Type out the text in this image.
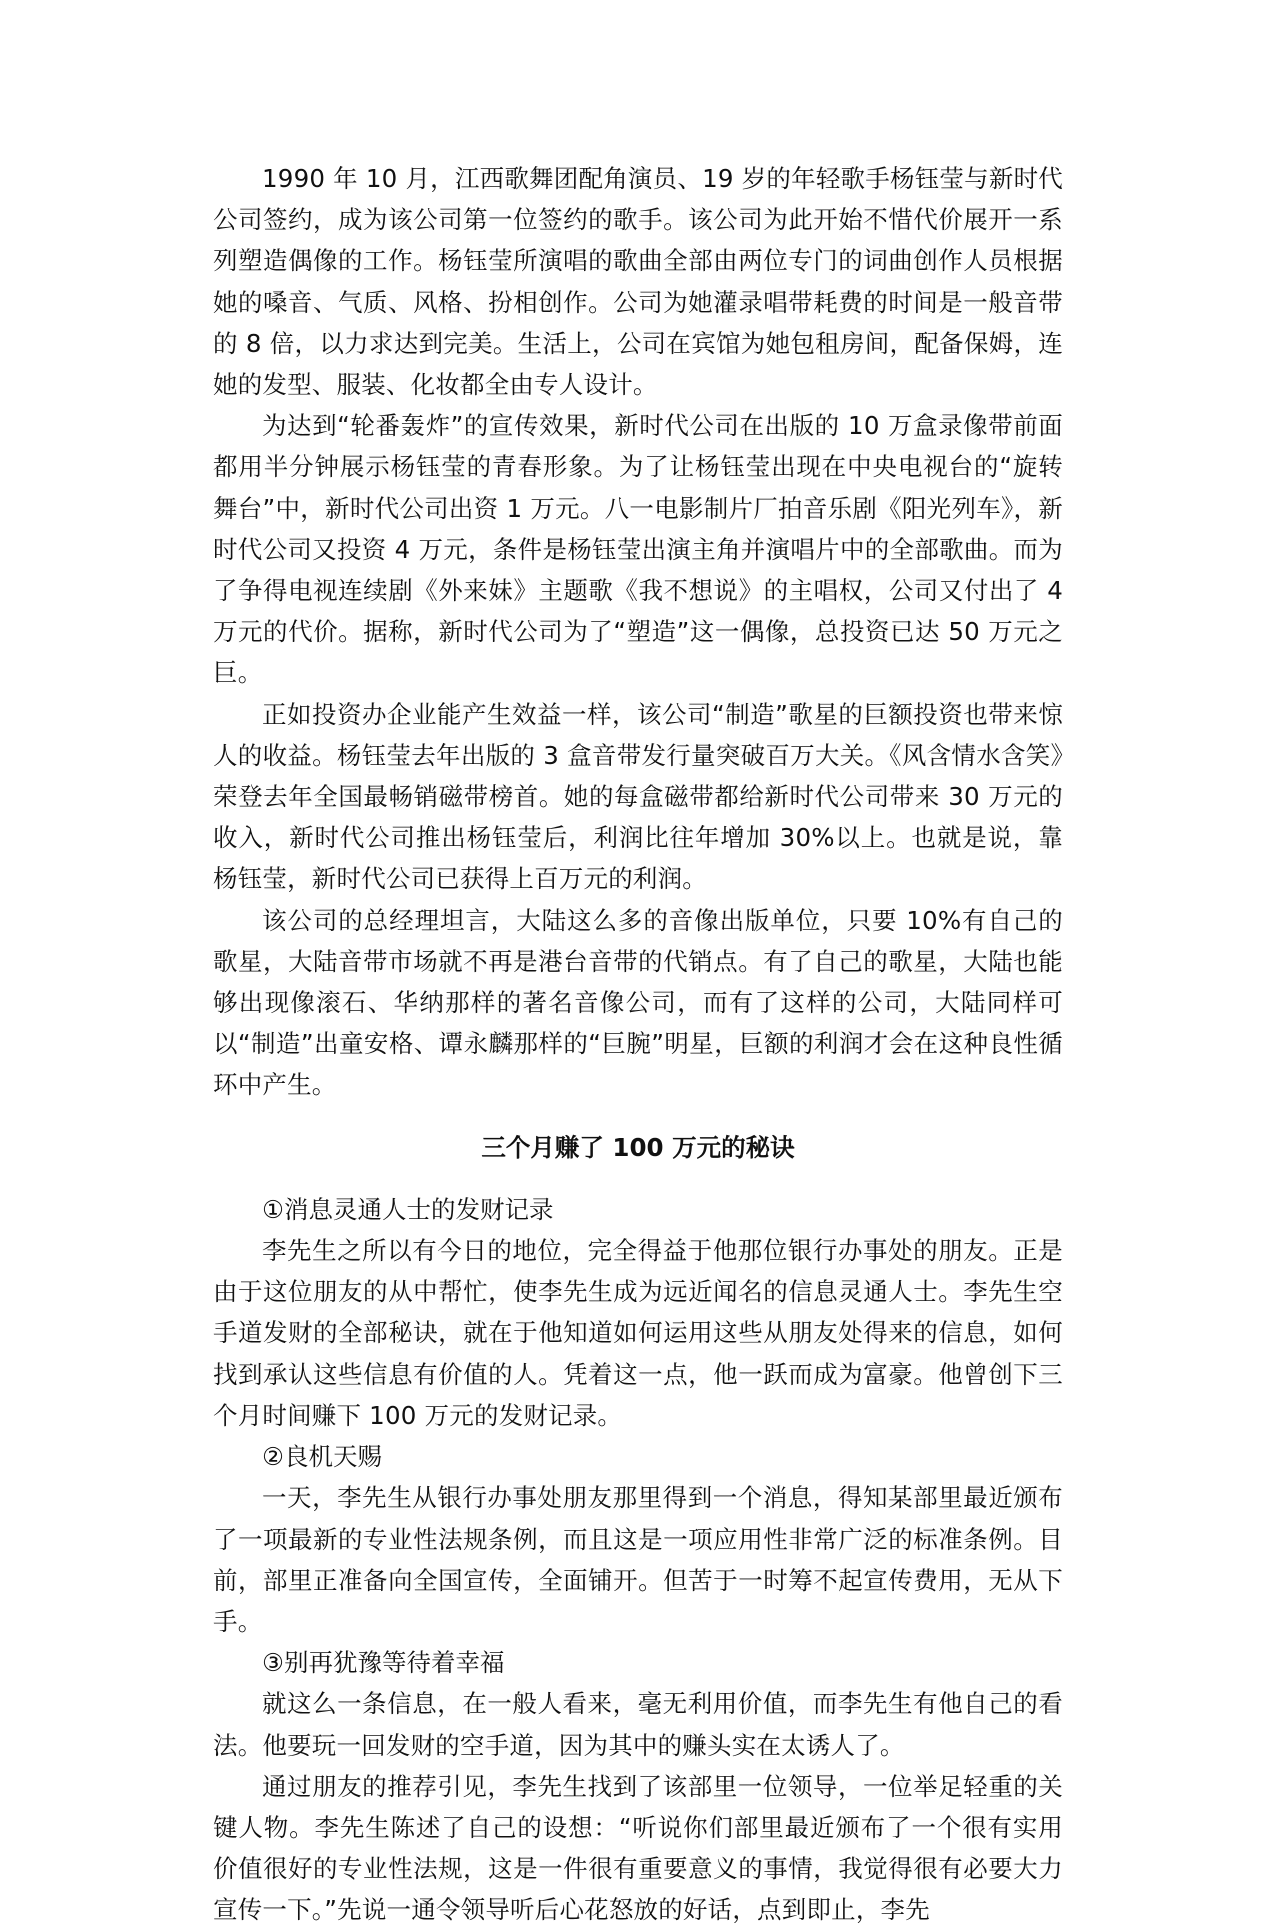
1990 年 10 月，江西歌舞团配角演员、19 岁的年轻歌手杨钰莹与新时代公司签约，成为该公司第一位签约的歌手。该公司为此开始不惜代价展开一系列塑造偶像的工作。杨钰莹所演唱的歌曲全部由两位专门的词曲创作人员根据她的嗓音、气质、风格、扮相创作。公司为她灌录唱带耗费的时间是一般音带的 8 倍，以力求达到完美。生活上，公司在宾馆为她包租房间，配备保姆，连她的发型、服装、化妆都全由专人设计。

为达到“轮番轰炸”的宣传效果，新时代公司在出版的 10 万盒录像带前面都用半分钟展示杨钰莹的青春形象。为了让杨钰莹出现在中央电视台的“旋转舞台”中，新时代公司出资 1 万元。八一电影制片厂拍音乐剧《阳光列车》，新时代公司又投资 4 万元，条件是杨钰莹出演主角并演唱片中的全部歌曲。而为了争得电视连续剧《外来妹》主题歌《我不想说》的主唱权，公司又付出了 4 万元的代价。据称，新时代公司为了“塑造”这一偶像，总投资已达 50 万元之巨。

正如投资办企业能产生效益一样，该公司“制造”歌星的巨额投资也带来惊人的收益。杨钰莹去年出版的 3 盒音带发行量突破百万大关。《风含情水含笑》荣登去年全国最畅销磁带榜首。她的每盒磁带都给新时代公司带来 30 万元的收入，新时代公司推出杨钰莹后，利润比往年增加 30%以上。也就是说，靠杨钰莹，新时代公司已获得上百万元的利润。

该公司的总经理坦言，大陆这么多的音像出版单位，只要 10%有自己的歌星，大陆音带市场就不再是港台音带的代销点。有了自己的歌星，大陆也能够出现像滚石、华纳那样的著名音像公司，而有了这样的公司，大陆同样可以“制造”出童安格、谭永麟那样的“巨腕”明星，巨额的利润才会在这种良性循环中产生。

三个月赚了 100 万元的秘诀

①消息灵通人士的发财记录

李先生之所以有今日的地位，完全得益于他那位银行办事处的朋友。正是由于这位朋友的从中帮忙，使李先生成为远近闻名的信息灵通人士。李先生空手道发财的全部秘诀，就在于他知道如何运用这些从朋友处得来的信息，如何找到承认这些信息有价值的人。凭着这一点，他一跃而成为富豪。他曾创下三个月时间赚下 100 万元的发财记录。

②良机天赐

一天，李先生从银行办事处朋友那里得到一个消息，得知某部里最近颁布了一项最新的专业性法规条例，而且这是一项应用性非常广泛的标准条例。目前，部里正准备向全国宣传，全面铺开。但苦于一时筹不起宣传费用，无从下手。

③别再犹豫等待着幸福

就这么一条信息，在一般人看来，毫无利用价值，而李先生有他自己的看法。他要玩一回发财的空手道，因为其中的赚头实在太诱人了。

通过朋友的推荐引见，李先生找到了该部里一位领导，一位举足轻重的关键人物。李先生陈述了自己的设想：“听说你们部里最近颁布了一个很有实用价值很好的专业性法规，这是一件很有重要意义的事情，我觉得很有必要大力宣传一下。”先说一通令领导听后心花怒放的好话，点到即止，李先
